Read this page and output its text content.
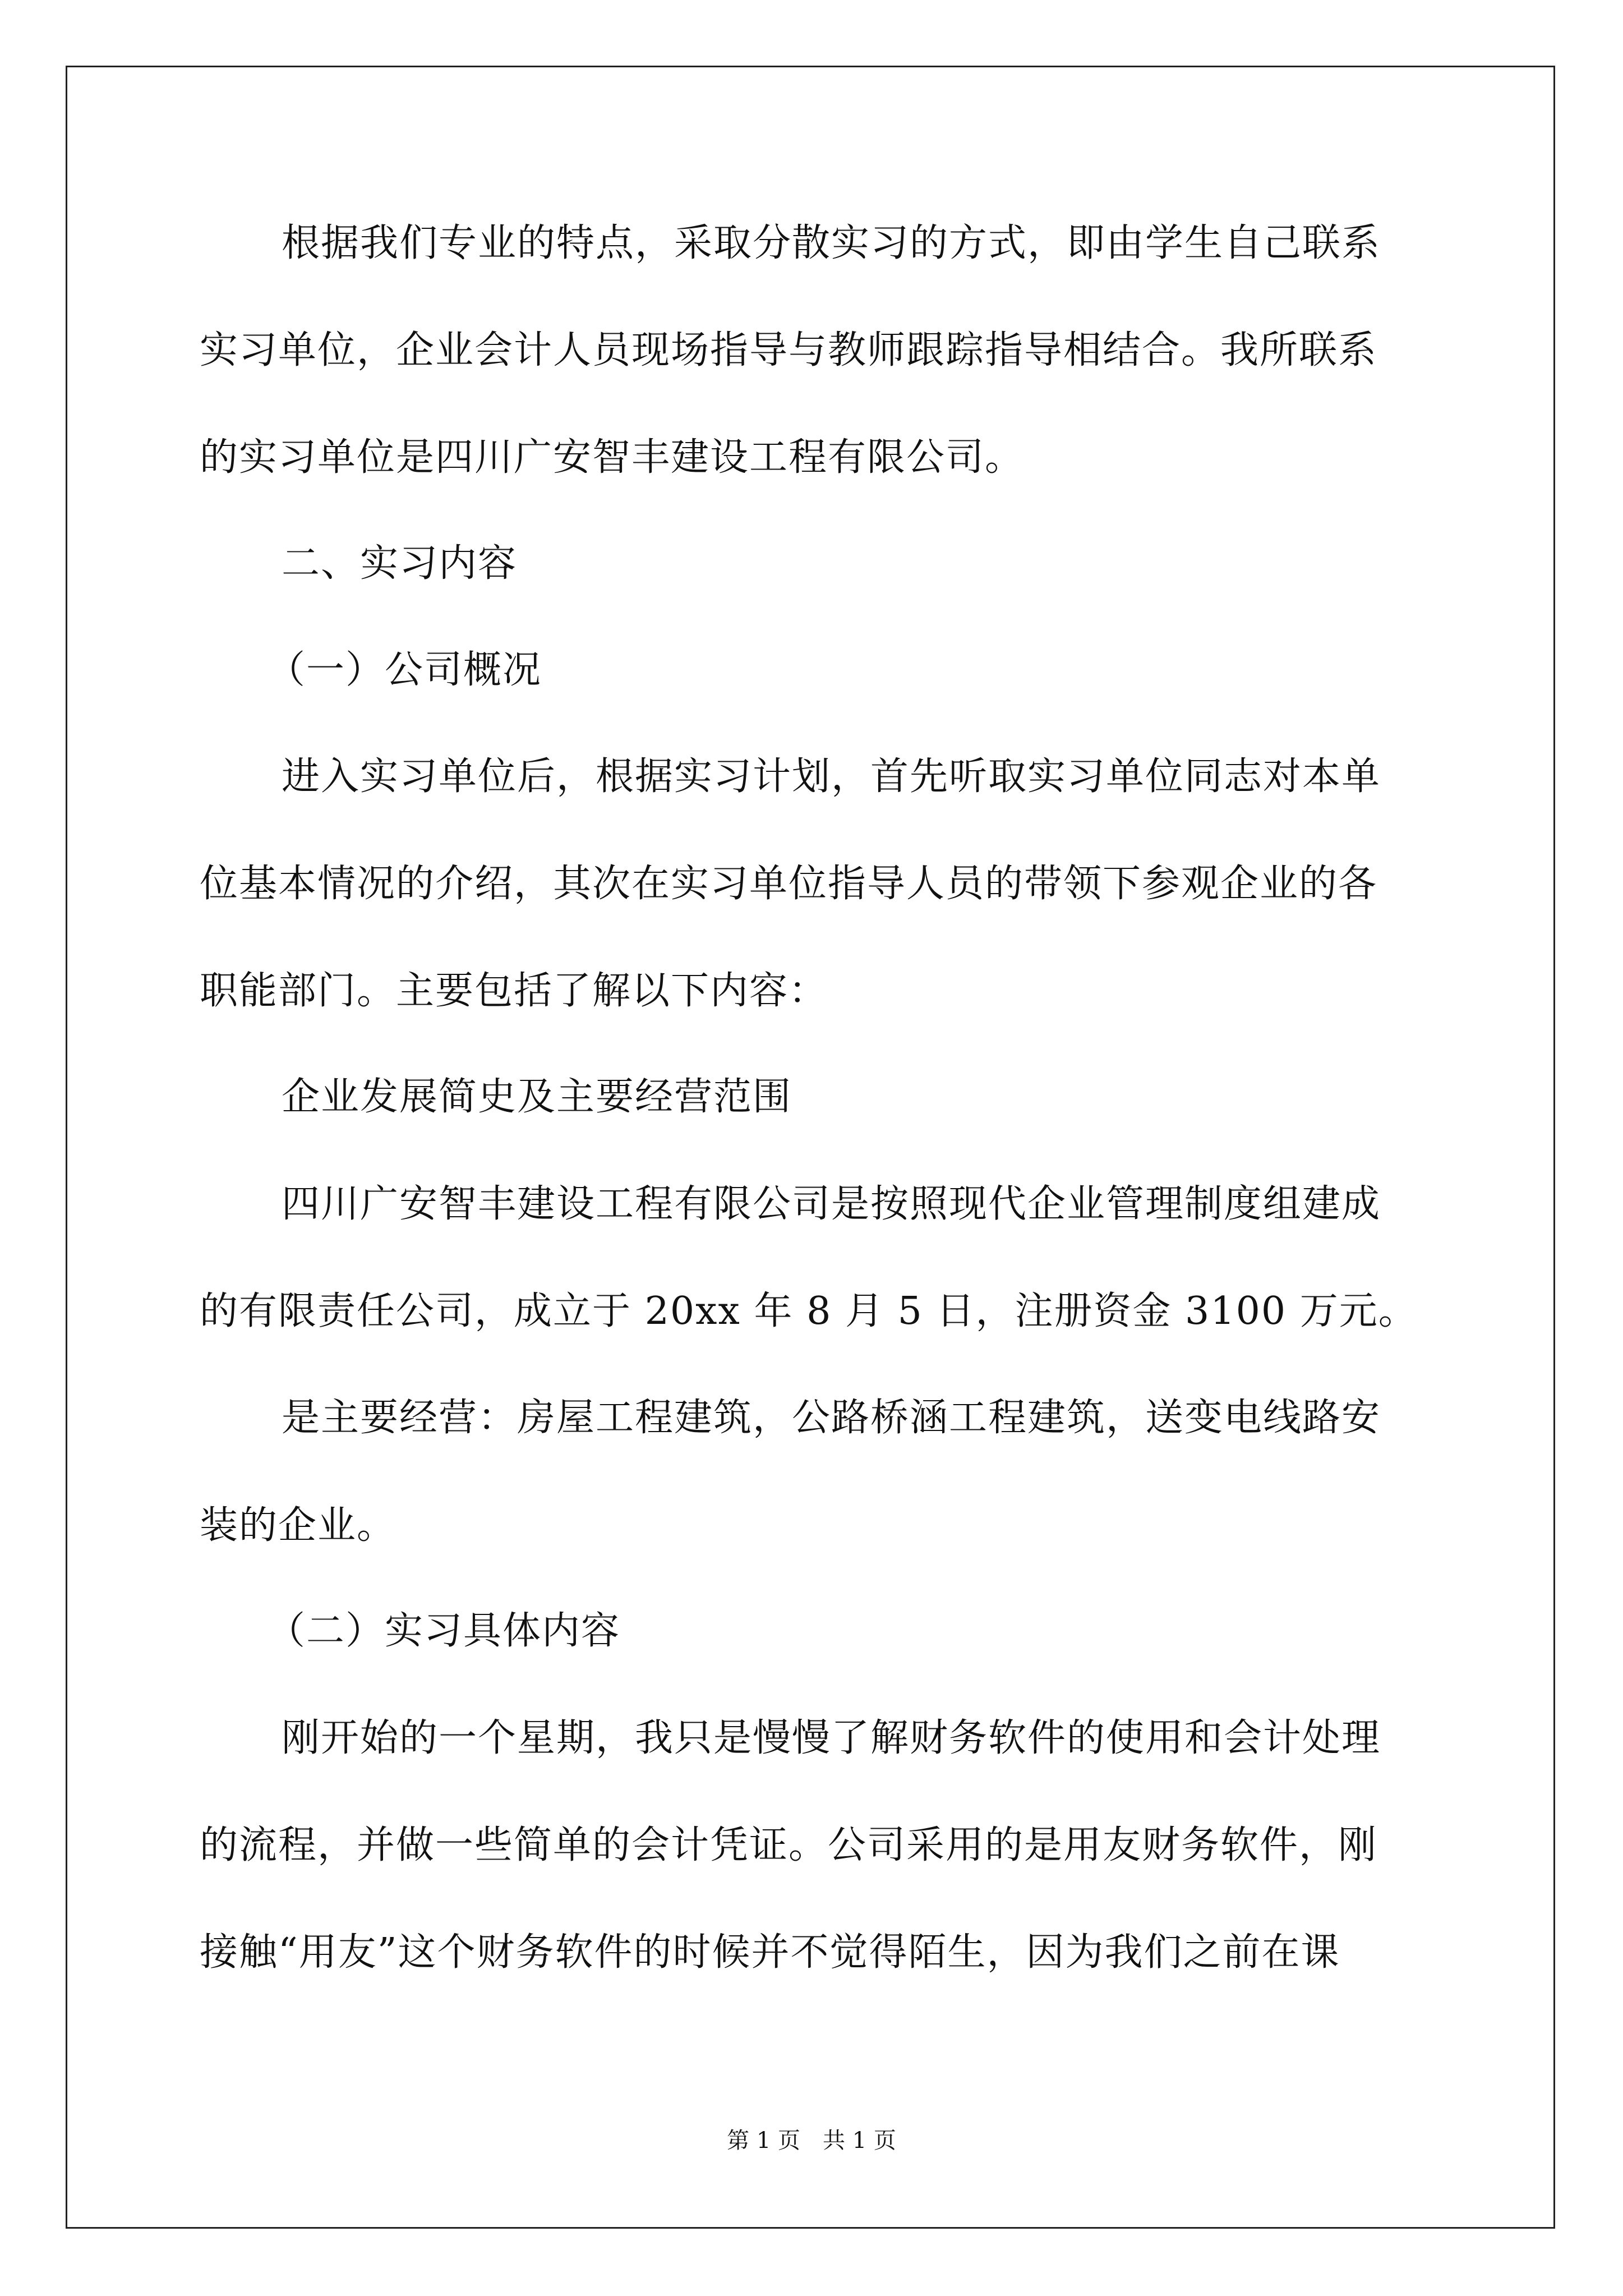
根据我们专业的特点，采取分散实习的方式，即由学生自己联系
实习单位，企业会计人员现场指导与教师跟踪指导相结合。我所联系
的实习单位是四川广安智丰建设工程有限公司。
二、实习内容
（一）公司概况
进入实习单位后，根据实习计划，首先听取实习单位同志对本单
位基本情况的介绍，其次在实习单位指导人员的带领下参观企业的各
职能部门。主要包括了解以下内容：
企业发展简史及主要经营范围
四川广安智丰建设工程有限公司是按照现代企业管理制度组建成
的有限责任公司，成立于 20xx 年 8 月 5 日，注册资金 3100 万元。
是主要经营：房屋工程建筑，公路桥涵工程建筑，送变电线路安
装的企业。
（二）实习具体内容
刚开始的一个星期，我只是慢慢了解财务软件的使用和会计处理
的流程，并做一些简单的会计凭证。公司采用的是用友财务软件，刚
接触“用友”这个财务软件的时候并不觉得陌生，因为我们之前在课
第 1 页　共 1 页
